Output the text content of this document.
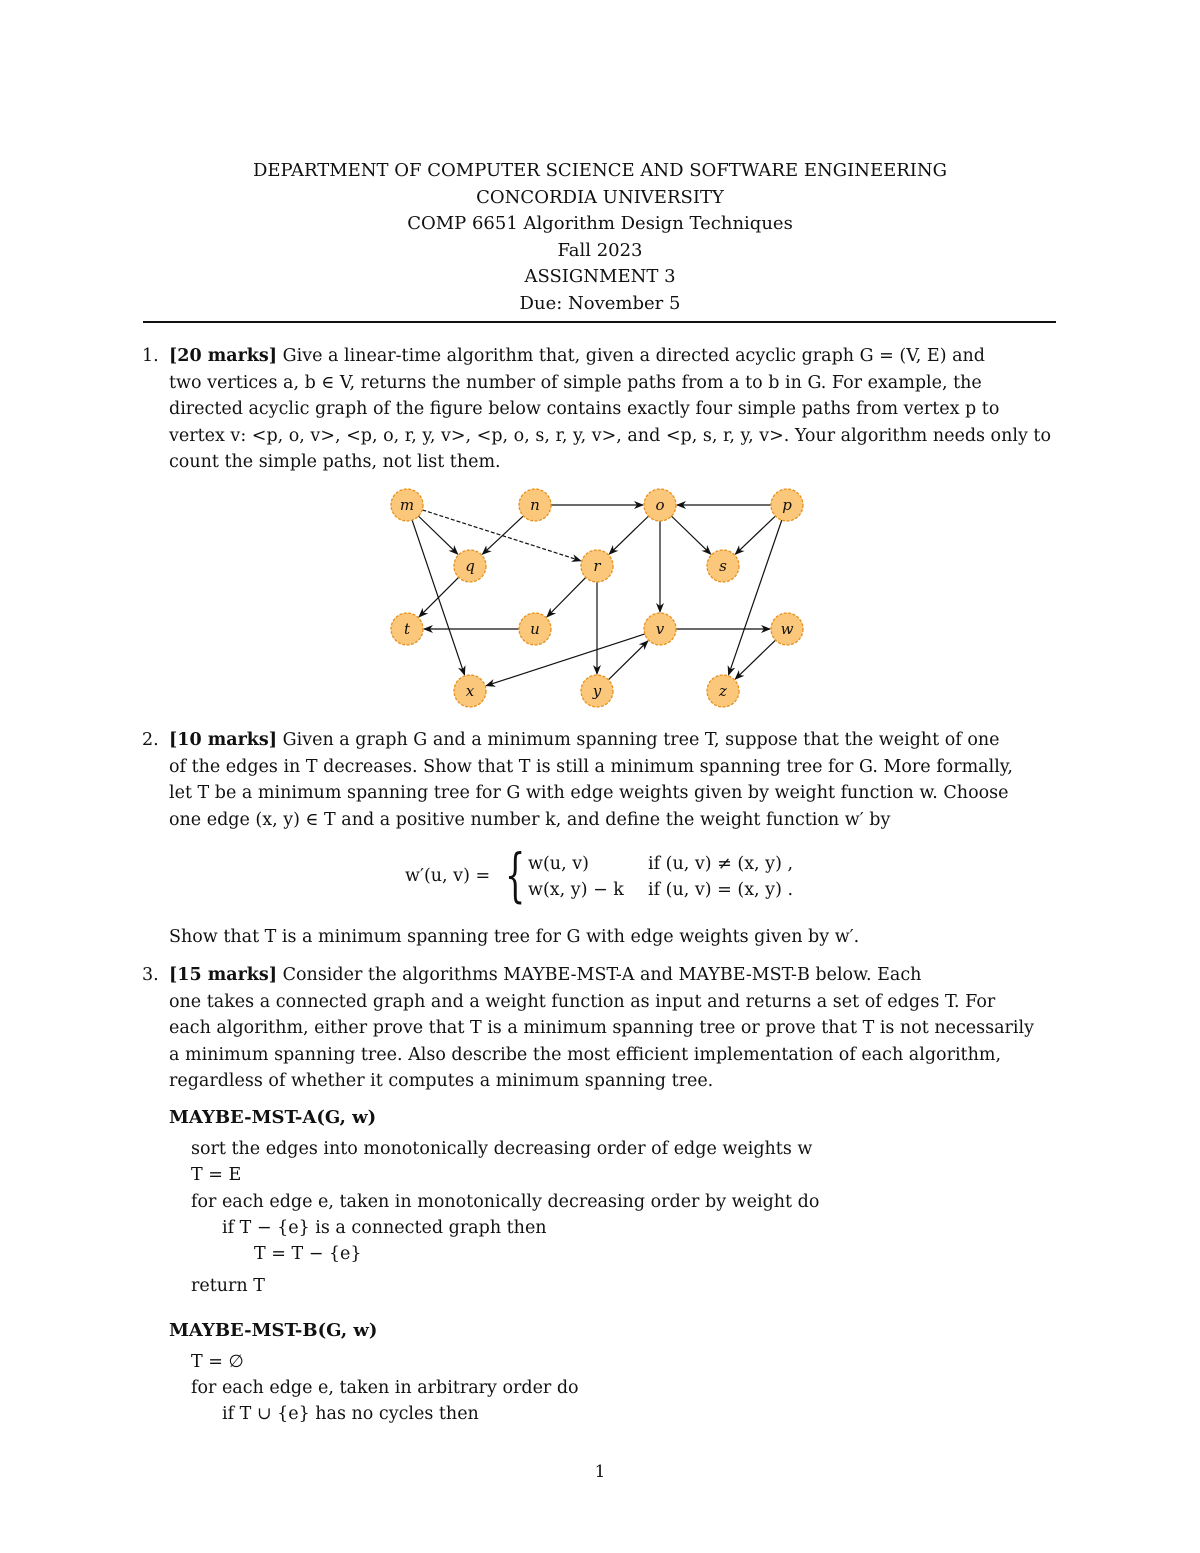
DEPARTMENT OF COMPUTER SCIENCE AND SOFTWARE ENGINEERING
CONCORDIA UNIVERSITY
COMP 6651 Algorithm Design Techniques
Fall 2023
ASSIGNMENT 3
Due: November 5
1. [20 marks] Give a linear-time algorithm that, given a directed acyclic graph G = (V, E) and
two vertices a, b ∈ V, returns the number of simple paths from a to b in G. For example, the
directed acyclic graph of the figure below contains exactly four simple paths from vertex p to
vertex v: <p, o, v>, <p, o, r, y, v>, <p, o, s, r, y, v>, and <p, s, r, y, v>. Your algorithm needs only to
count the simple paths, not list them.
m	n	o	p
q	r	s
t	u	v	w
x	y	z
2. [10 marks] Given a graph G and a minimum spanning tree T, suppose that the weight of one
of the edges in T decreases. Show that T is still a minimum spanning tree for G. More formally,
let T be a minimum spanning tree for G with edge weights given by weight function w. Choose
one edge (x, y) ∈ T and a positive number k, and define the weight function w′ by
w′(u, v) = { w(u, v)	if (u, v) ≠ (x, y) ,
w(x, y) − k if (u, v) = (x, y) .
Show that T is a minimum spanning tree for G with edge weights given by w′.
3. [15 marks] Consider the algorithms MAYBE-MST-A and MAYBE-MST-B below. Each
one takes a connected graph and a weight function as input and returns a set of edges T. For
each algorithm, either prove that T is a minimum spanning tree or prove that T is not necessarily
a minimum spanning tree. Also describe the most efficient implementation of each algorithm,
regardless of whether it computes a minimum spanning tree.
MAYBE-MST-A(G, w)
sort the edges into monotonically decreasing order of edge weights w
T = E
for each edge e, taken in monotonically decreasing order by weight do
if T − {e} is a connected graph then
T = T − {e}
return T
MAYBE-MST-B(G, w)
T = ∅
for each edge e, taken in arbitrary order do
if T ∪ {e} has no cycles then
1
